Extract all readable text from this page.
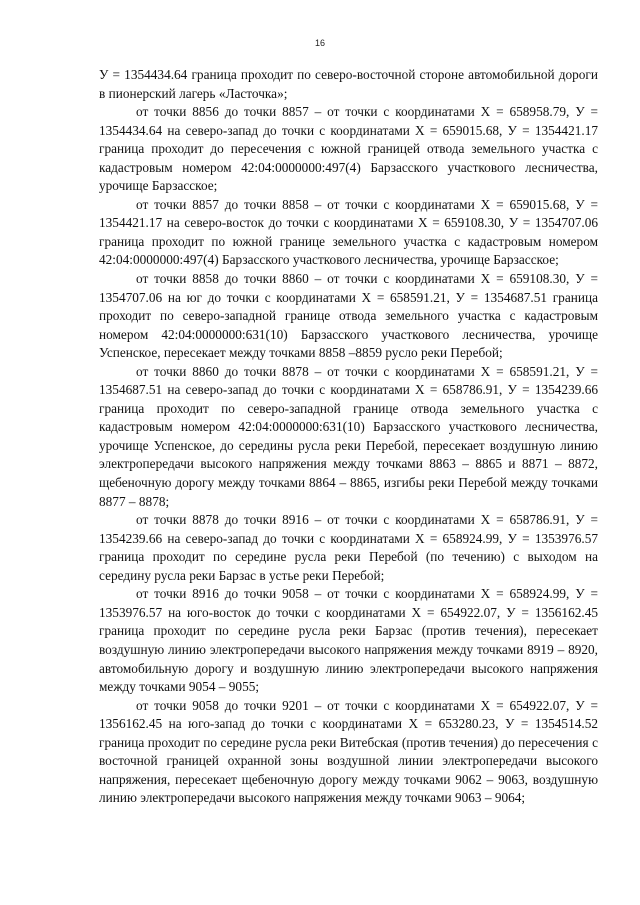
16

У = 1354434.64 граница проходит по северо-восточной стороне автомобильной дороги в пионерский лагерь «Ласточка»;

от точки 8856 до точки 8857 – от точки с координатами Х = 658958.79, У = 1354434.64 на северо-запад до точки с координатами Х = 659015.68, У = 1354421.17 граница проходит до пересечения с южной границей отвода земельного участка с кадастровым номером 42:04:0000000:497(4) Барзасского участкового лесничества, урочище Барзасское;

от точки 8857 до точки 8858 – от точки с координатами Х = 659015.68, У = 1354421.17 на северо-восток до точки с координатами Х = 659108.30, У = 1354707.06 граница проходит по южной границе земельного участка с кадастровым номером 42:04:0000000:497(4) Барзасского участкового лесничества, урочище Барзасское;

от точки 8858 до точки 8860 – от точки с координатами Х = 659108.30, У = 1354707.06 на юг до точки с координатами Х = 658591.21, У = 1354687.51 граница проходит по северо-западной границе отвода земельного участка с кадастровым номером 42:04:0000000:631(10) Барзасского участкового лесничества, урочище Успенское, пересекает между точками 8858 –8859 русло реки Перебой;

от точки 8860 до точки 8878 – от точки с координатами Х = 658591.21, У = 1354687.51 на северо-запад до точки с координатами Х = 658786.91, У = 1354239.66 граница проходит по северо-западной границе отвода земельного участка с кадастровым номером 42:04:0000000:631(10) Барзасского участкового лесничества, урочище Успенское, до середины русла реки Перебой, пересекает воздушную линию электропередачи высокого напряжения между точками 8863 – 8865 и 8871 – 8872, щебеночную дорогу между точками 8864 – 8865, изгибы реки Перебой между точками 8877 – 8878;

от точки 8878 до точки 8916 – от точки с координатами Х = 658786.91, У = 1354239.66 на северо-запад до точки с координатами Х = 658924.99, У = 1353976.57 граница проходит по середине русла реки Перебой (по течению) с выходом на середину русла реки Барзас в устье реки Перебой;

от точки 8916 до точки 9058 – от точки с координатами Х = 658924.99, У = 1353976.57 на юго-восток до точки с координатами Х = 654922.07, У = 1356162.45 граница проходит по середине русла реки Барзас (против течения), пересекает воздушную линию электропередачи высокого напряжения между точками 8919 – 8920, автомобильную дорогу и воздушную линию электропередачи высокого напряжения между точками 9054 – 9055;

от точки 9058 до точки 9201 – от точки с координатами Х = 654922.07, У = 1356162.45 на юго-запад до точки с координатами Х = 653280.23, У = 1354514.52 граница проходит по середине русла реки Витебская (против течения) до пересечения с восточной границей охранной зоны воздушной линии электропередачи высокого напряжения, пересекает щебеночную дорогу между точками 9062 – 9063, воздушную линию электропередачи высокого напряжения между точками 9063 – 9064;
